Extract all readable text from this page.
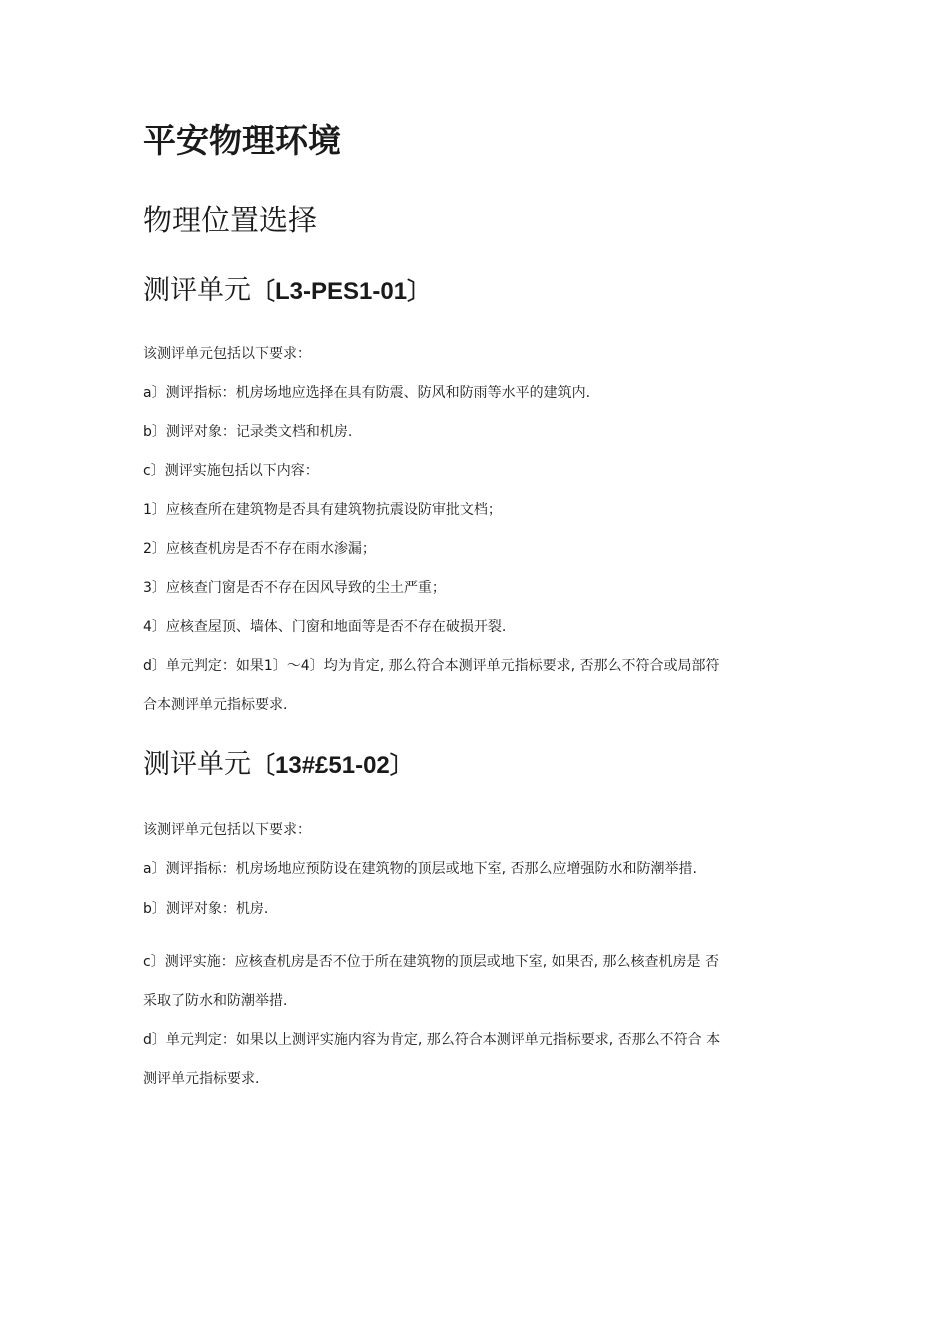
平安物理环境
物理位置选择
测评单元〔L3-PES1-01〕

该测评单元包括以下要求：

a〕测评指标：机房场地应选择在具有防震、防风和防雨等水平的建筑内.

b〕测评对象：记录类文档和机房.

c〕测评实施包括以下内容：

1〕应核查所在建筑物是否具有建筑物抗震设防审批文档；

2〕应核查机房是否不存在雨水渗漏；

3〕应核查门窗是否不存在因风导致的尘土严重；

4〕应核查屋顶、墙体、门窗和地面等是否不存在破损开裂.

d〕单元判定：如果1〕〜4〕均为肯定, 那么符合本测评单元指标要求, 否那么不符合或局部符

合本测评单元指标要求.

测评单元〔13#£51-02〕

该测评单元包括以下要求：

a〕测评指标：机房场地应预防设在建筑物的顶层或地下室, 否那么应增强防水和防潮举措.

b〕测评对象：机房.

c〕测评实施：应核查机房是否不位于所在建筑物的顶层或地下室, 如果否, 那么核查机房是 否

采取了防水和防潮举措.

d〕单元判定：如果以上测评实施内容为肯定, 那么符合本测评单元指标要求, 否那么不符合 本

测评单元指标要求.
